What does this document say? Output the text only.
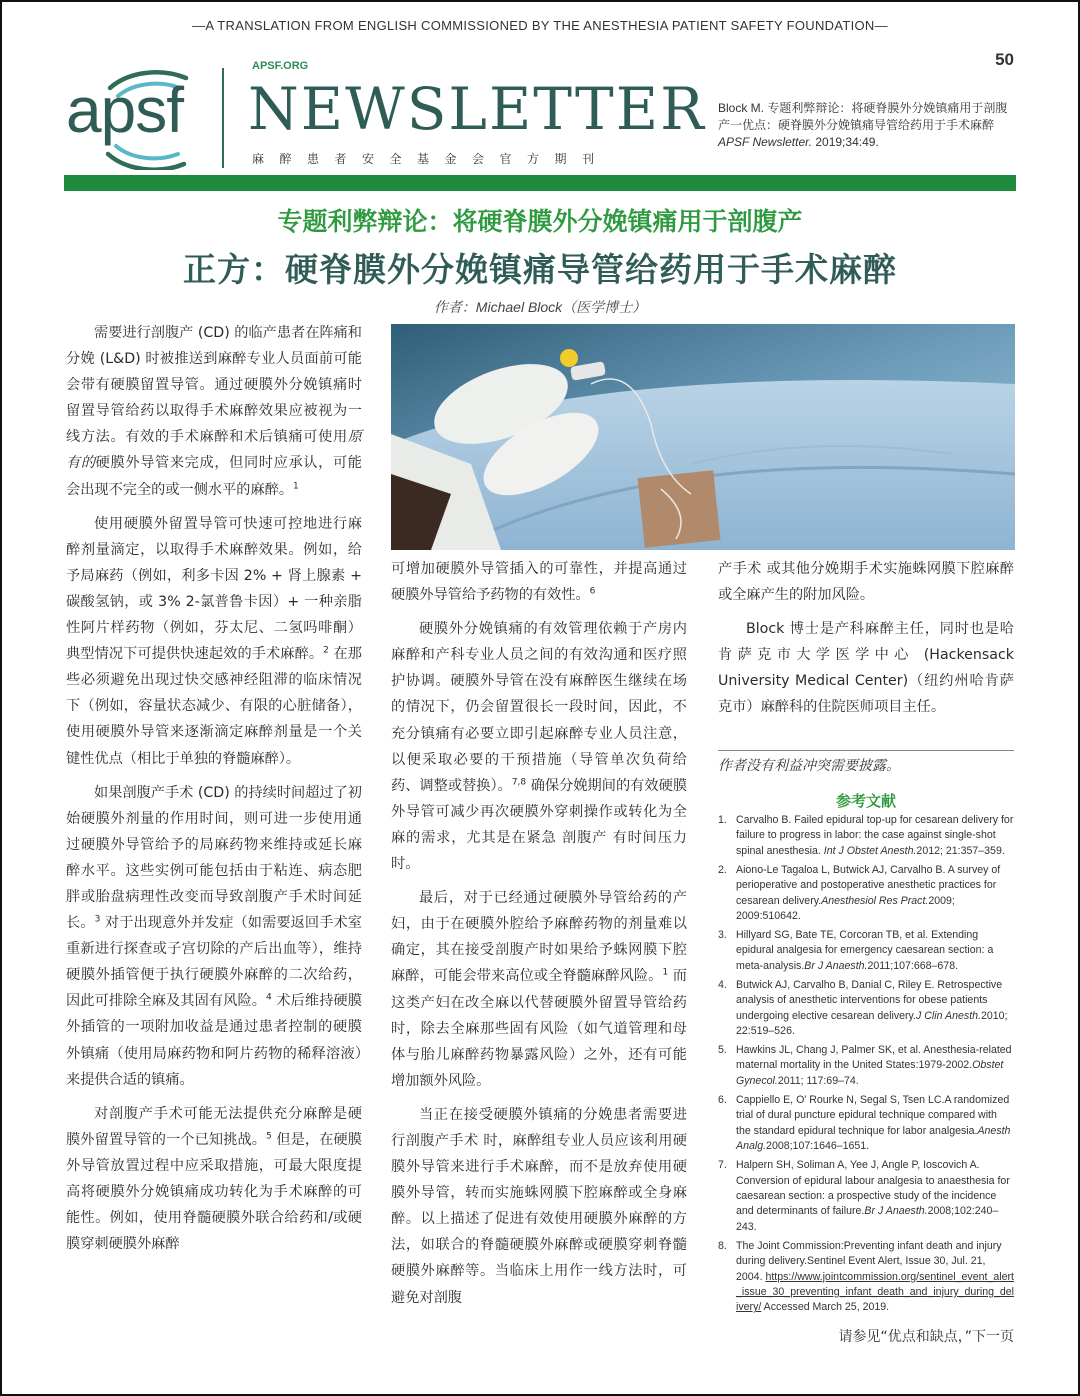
—A TRANSLATION FROM ENGLISH COMMISSIONED BY THE ANESTHESIA PATIENT SAFETY FOUNDATION—
50
apsf
APSF.ORG
NEWSLETTER
麻醉患者安全基金会官方期刊
Block M. 专题利弊辩论：将硬脊膜外分娩镇痛用于剖腹
产一优点：硬脊膜外分娩镇痛导管给药用于手术麻醉
APSF Newsletter. 2019;34:49.
专题利弊辩论：将硬脊膜外分娩镇痛用于剖腹产
正方：硬脊膜外分娩镇痛导管给药用于手术麻醉
作者：Michael Block（医学博士）

需要进行剖腹产 (CD) 的临产患者在阵痛和分娩 (L&D) 时被推送到麻醉专业人员面前可能会带有硬膜留置导管。通过硬膜外分娩镇痛时留置导管给药以取得手术麻醉效果应被视为一线方法。有效的手术麻醉和术后镇痛可使用原有的硬膜外导管来完成，但同时应承认，可能会出现不完全的或一侧水平的麻醉。$^1$

使用硬膜外留置导管可快速可控地进行麻醉剂量滴定，以取得手术麻醉效果。例如，给予局麻药（例如，利多卡因 2% + 肾上腺素 + 碳酸氢钠，或 3% 2-氯普鲁卡因）+ 一种亲脂性阿片样药物（例如，芬太尼、二氢吗啡酮）典型情况下可提供快速起效的手术麻醉。$^2$ 在那些必须避免出现过快交感神经阻滞的临床情况下（例如，容量状态减少、有限的心脏储备），使用硬膜外导管来逐渐滴定麻醉剂量是一个关键性优点（相比于单独的脊髓麻醉）。

如果剖腹产手术 (CD) 的持续时间超过了初始硬膜外剂量的作用时间，则可进一步使用通过硬膜外导管给予的局麻药物来维持或延长麻醉水平。这些实例可能包括由于粘连、病态肥胖或胎盘病理性改变而导致剖腹产手术时间延长。$^3$ 对于出现意外并发症（如需要返回手术室重新进行探查或子宫切除的产后出血等），维持硬膜外插管便于执行硬膜外麻醉的二次给药，因此可排除全麻及其固有风险。$^4$ 术后维持硬膜外插管的一项附加收益是通过患者控制的硬膜外镇痛（使用局麻药物和阿片药物的稀释溶液）来提供合适的镇痛。

对剖腹产手术可能无法提供充分麻醉是硬膜外留置导管的一个已知挑战。$^5$ 但是，在硬膜外导管放置过程中应采取措施，可最大限度提高将硬膜外分娩镇痛成功转化为手术麻醉的可能性。例如，使用脊髓硬膜外联合给药和/或硬膜穿刺硬膜外麻醉

可增加硬膜外导管插入的可靠性，并提高通过硬膜外导管给予药物的有效性。$^6$

硬膜外分娩镇痛的有效管理依赖于产房内麻醉和产科专业人员之间的有效沟通和医疗照护协调。硬膜外导管在没有麻醉医生继续在场的情况下，仍会留置很长一段时间，因此，不充分镇痛有必要立即引起麻醉专业人员注意，以便采取必要的干预措施（导管单次负荷给药、调整或替换）。$^{7,8}$ 确保分娩期间的有效硬膜外导管可减少再次硬膜外穿刺操作或转化为全麻的需求，尤其是在紧急 剖腹产 有时间压力时。

最后，对于已经通过硬膜外导管给药的产妇，由于在硬膜外腔给予麻醉药物的剂量难以确定，其在接受剖腹产时如果给予蛛网膜下腔麻醉，可能会带来高位或全脊髓麻醉风险。$^1$ 而这类产妇在改全麻以代替硬膜外留置导管给药时，除去全麻那些固有风险（如气道管理和母体与胎儿麻醉药物暴露风险）之外，还有可能增加额外风险。

当正在接受硬膜外镇痛的分娩患者需要进行剖腹产手术 时，麻醉组专业人员应该利用硬膜外导管来进行手术麻醉，而不是放弃使用硬膜外导管，转而实施蛛网膜下腔麻醉或全身麻醉。以上描述了促进有效使用硬膜外麻醉的方法，如联合的脊髓硬膜外麻醉或硬膜穿刺脊髓硬膜外麻醉等。当临床上用作一线方法时，可避免对剖腹

产手术 或其他分娩期手术实施蛛网膜下腔麻醉或全麻产生的附加风险。

Block 博士是产科麻醉主任，同时也是哈肯萨克市大学医学中心 (Hackensack University Medical Center)（纽约州哈肯萨克市）麻醉科的住院医师项目主任。

作者没有利益冲突需要披露。
参考文献
1. Carvalho B. Failed epidural top-up for cesarean delivery for failure to progress in labor: the case against single-shot spinal anesthesia. Int J Obstet Anesth.2012; 21:357–359.
2. Aiono-Le Tagaloa L, Butwick AJ, Carvalho B. A survey of perioperative and postoperative anesthetic practices for cesarean delivery.Anesthesiol Res Pract.2009; 2009:510642.
3. Hillyard SG, Bate TE, Corcoran TB, et al. Extending epidural analgesia for emergency caesarean section: a meta-analysis.Br J Anaesth.2011;107:668–678.
4. Butwick AJ, Carvalho B, Danial C, Riley E. Retrospective analysis of anesthetic interventions for obese patients undergoing elective cesarean delivery.J Clin Anesth.2010; 22:519–526.
5. Hawkins JL, Chang J, Palmer SK, et al. Anesthesia-related maternal mortality in the United States:1979-2002.Obstet Gynecol.2011; 117:69–74.
6. Cappiello E, O’ Rourke N, Segal S, Tsen LC.A randomized trial of dural puncture epidural technique compared with the standard epidural technique for labor analgesia.Anesth Analg.2008;107:1646–1651.
7. Halpern SH, Soliman A, Yee J, Angle P, Ioscovich A. Conversion of epidural labour analgesia to anaesthesia for caesarean section: a prospective study of the incidence and determinants of failure.Br J Anaesth.2008;102:240–243.
8. The Joint Commission:Preventing infant death and injury during delivery.Sentinel Event Alert, Issue 30, Jul. 21, 2004. https://www.jointcommission.org/sentinel_event_alert_issue_30_preventing_infant_death_and_injury_during_delivery/ Accessed March 25, 2019.
请参见“优点和缺点，”下一页
